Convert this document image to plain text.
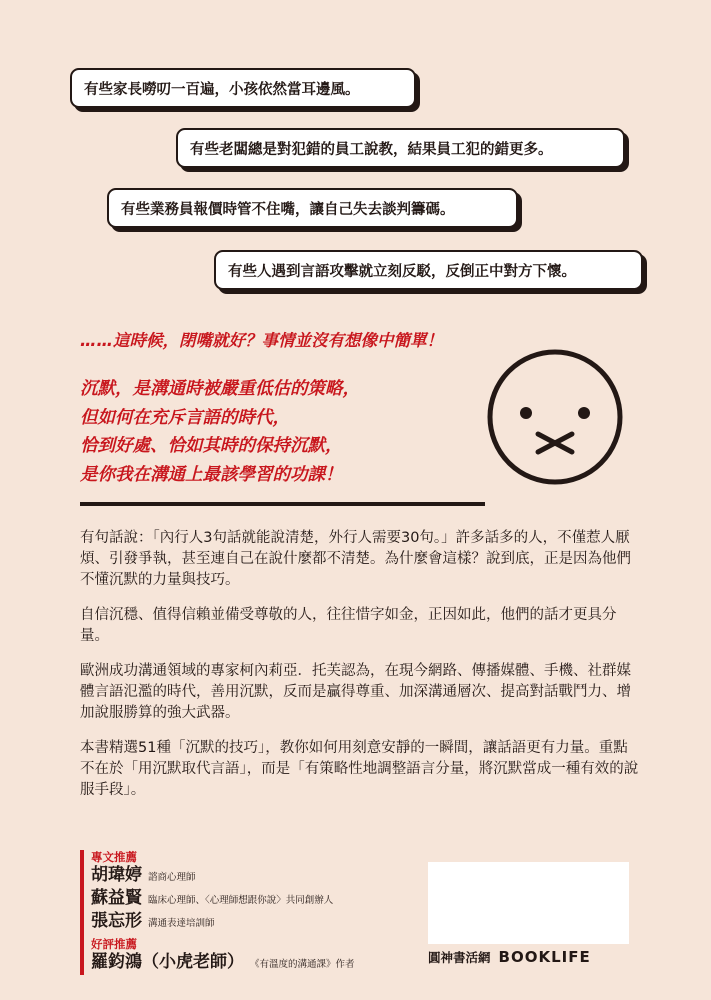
有些家長嘮叨一百遍，小孩依然當耳邊風。
有些老闆總是對犯錯的員工說教，結果員工犯的錯更多。
有些業務員報價時管不住嘴，讓自己失去談判籌碼。
有些人遇到言語攻擊就立刻反駁，反倒正中對方下懷。
……這時候，閉嘴就好？事情並沒有想像中簡單！
沉默，是溝通時被嚴重低估的策略，
但如何在充斥言語的時代，
恰到好處、恰如其時的保持沉默，
是你我在溝通上最該學習的功課！

有句話說：「內行人3句話就能說清楚，外行人需要30句。」許多話多的人，不僅惹人厭煩、引發爭執，甚至連自己在說什麼都不清楚。為什麼會這樣？說到底，正是因為他們不懂沉默的力量與技巧。

自信沉穩、值得信賴並備受尊敬的人，往往惜字如金，正因如此，他們的話才更具分量。

歐洲成功溝通領域的專家柯內莉亞．托芙認為，在現今網路、傳播媒體、手機、社群媒體言語氾濫的時代，善用沉默，反而是贏得尊重、加深溝通層次、提高對話戰鬥力、增加說服勝算的強大武器。

本書精選51種「沉默的技巧」，教你如何用刻意安靜的一瞬間，讓話語更有力量。重點不在於「用沉默取代言語」，而是「有策略性地調整語言分量，將沉默當成一種有效的說服手段」。

專文推薦
胡瑋婷 諮商心理師
蘇益賢 臨床心理師、〈心理師想跟你說〉共同創辦人
張忘形 溝通表達培訓師
好評推薦
羅鈞鴻（小虎老師） 《有溫度的溝通課》作者	圓神書活網 BOOKLIFE
